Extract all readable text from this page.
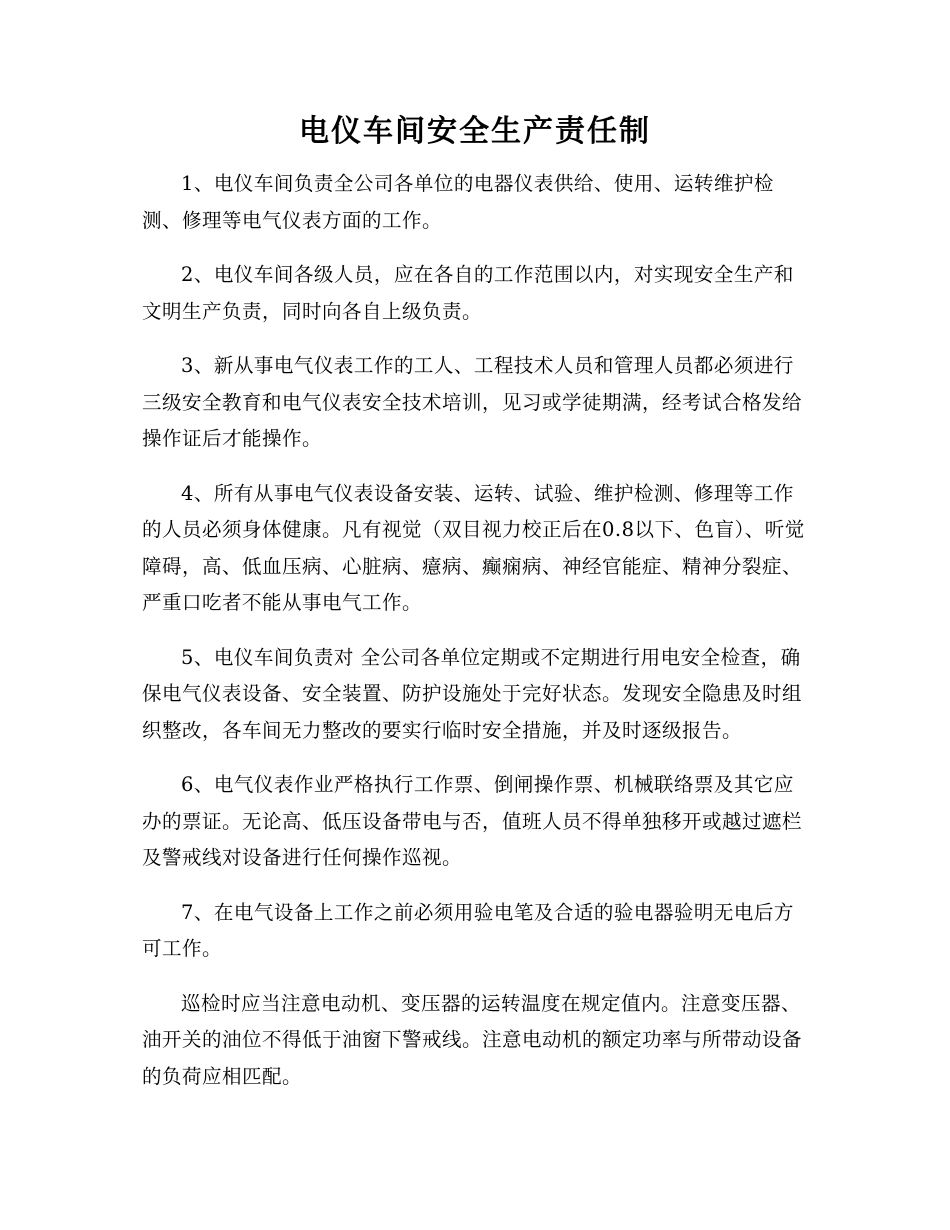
电仪车间安全生产责任制

1、电仪车间负责全公司各单位的电器仪表供给、使用、运转维护检测、修理等电气仪表方面的工作。

2、电仪车间各级人员，应在各自的工作范围以内，对实现安全生产和文明生产负责，同时向各自上级负责。

3、新从事电气仪表工作的工人、工程技术人员和管理人员都必须进行三级安全教育和电气仪表安全技术培训，见习或学徒期满，经考试合格发给操作证后才能操作。

4、所有从事电气仪表设备安装、运转、试验、维护检测、修理等工作的人员必须身体健康。凡有视觉（双目视力校正后在0.8以下、色盲）、听觉障碍，高、低血压病、心脏病、癔病、癫痫病、神经官能症、精神分裂症、严重口吃者不能从事电气工作。

5、电仪车间负责对 全公司各单位定期或不定期进行用电安全检查，确保电气仪表设备、安全装置、防护设施处于完好状态。发现安全隐患及时组织整改，各车间无力整改的要实行临时安全措施，并及时逐级报告。

6、电气仪表作业严格执行工作票、倒闸操作票、机械联络票及其它应办的票证。无论高、低压设备带电与否，值班人员不得单独移开或越过遮栏及警戒线对设备进行任何操作巡视。

7、在电气设备上工作之前必须用验电笔及合适的验电器验明无电后方可工作。

巡检时应当注意电动机、变压器的运转温度在规定值内。注意变压器、油开关的油位不得低于油窗下警戒线。注意电动机的额定功率与所带动设备的负荷应相匹配。
